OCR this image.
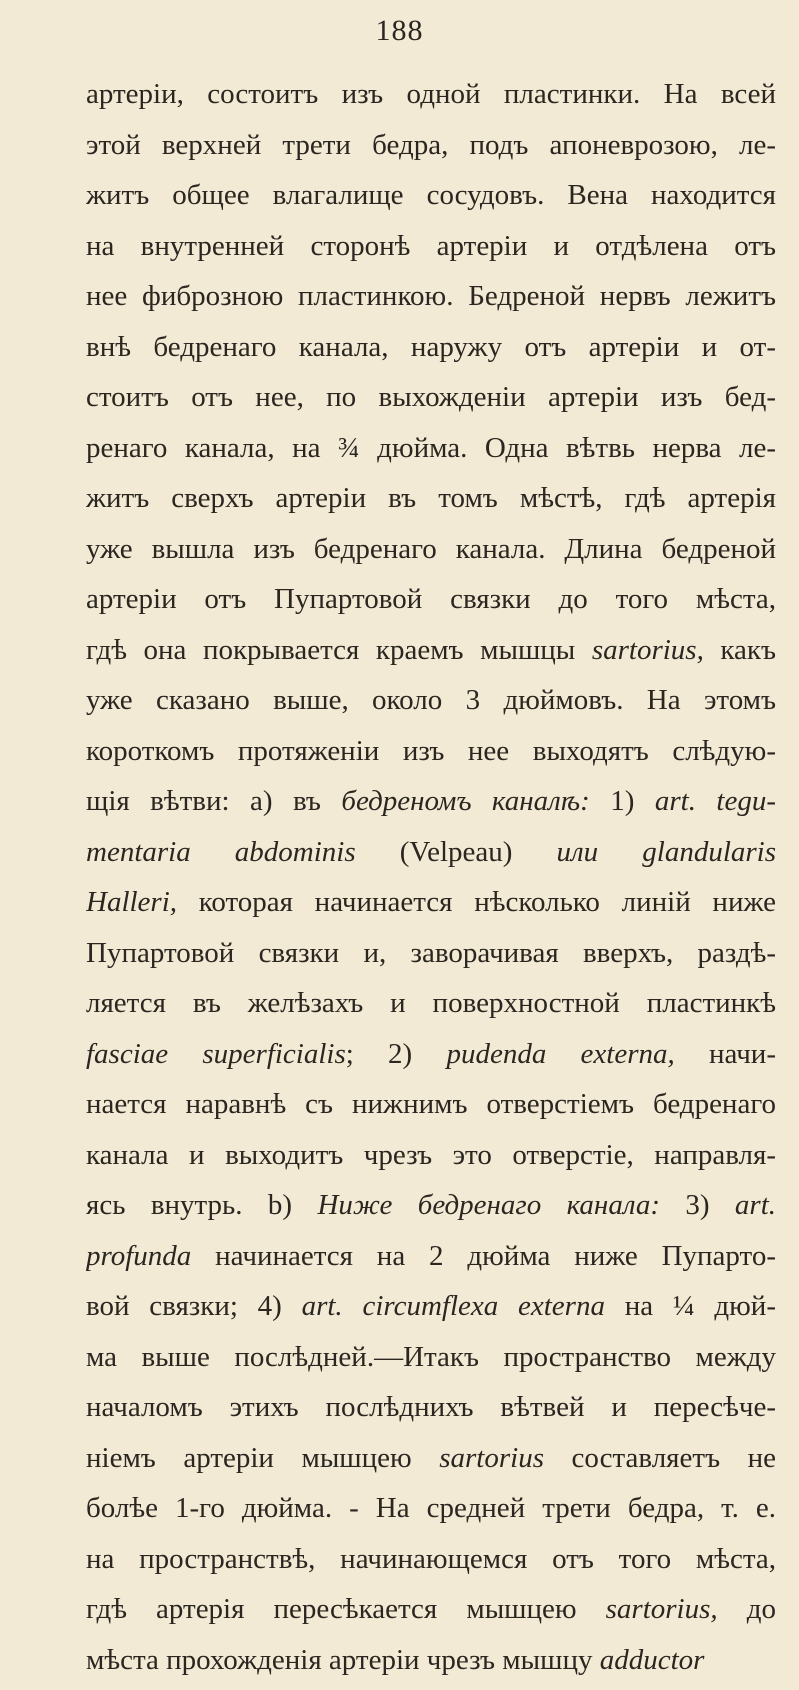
188
артеріи, состоитъ изъ одной пластинки. На всей
этой верхней трети бедра, подъ апоневрозою, ле-
житъ общее влагалище сосудовъ. Вена находится
на внутренней сторонѣ артеріи и отдѣлена отъ
нее фиброзною пластинкою. Бедреной нервъ лежитъ
внѣ бедренаго канала, наружу отъ артеріи и от-
стоитъ отъ нее, по выхожденіи артеріи изъ бед-
ренаго канала, на ¾ дюйма. Одна вѣтвь нерва ле-
житъ сверхъ артеріи въ томъ мѣстѣ, гдѣ артерія
уже вышла изъ бедренаго канала. Длина бедреной
артеріи отъ Пупартовой связки до того мѣста,
гдѣ она покрывается краемъ мышцы sartorius, какъ
уже сказано выше, около 3 дюймовъ. На этомъ
короткомъ протяженіи изъ нее выходятъ слѣдую-
щія вѣтви: a) въ бедреномъ каналѣ: 1) art. tegu-
mentaria abdominis (Velpeau) или glandularis
Halleri, которая начинается нѣсколько линій ниже
Пупартовой связки и, заворачивая вверхъ, раздѣ-
ляется въ желѣзахъ и поверхностной пластинкѣ
fasciae superficialis; 2) pudenda externa, начи-
нается наравнѣ съ нижнимъ отверстіемъ бедренаго
канала и выходитъ чрезъ это отверстіе, направля-
ясь внутрь. b) Ниже бедренаго канала: 3) art.
profunda начинается на 2 дюйма ниже Пупарто-
вой связки; 4) art. circumflexa externa на ¼ дюй-
ма выше послѣдней.—Итакъ пространство между
началомъ этихъ послѣднихъ вѣтвей и пересѣче-
ніемъ артеріи мышцею sartorius составляетъ не
болѣе 1-го дюйма. - На средней трети бедра, т. е.
на пространствѣ, начинающемся отъ того мѣста,
гдѣ артерія пересѣкается мышцею sartorius, до
мѣста прохожденія артеріи чрезъ мышцу adductor
